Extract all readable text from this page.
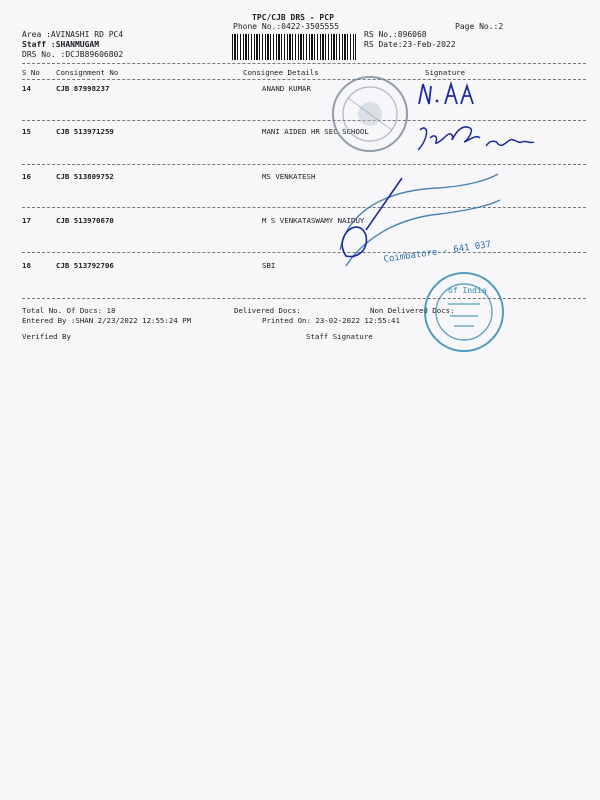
TPC/CJB DRS - PCP
Phone No.:0422-3505555	Page No.:2
Area :AVINASHI RD PC4
Staff :SHANMUGAM
DRS No. :DCJB89606802
RS No.:896068
RS Date:23-Feb-2022
S No Consignment No	Consignee Details	Signature
14	CJB 87998237	ANAND KUMAR
15	CJB 513971259	MANI AIDED HR SEC SCHOOL
16	CJB 513809752	MS VENKATESH
17	CJB 513970670	M S VENKATASWAMY NAIDUY
18	CJB 513792706	SBI
Total No. Of Docs: 18	Delivered Docs:	Non Delivered Docs:
Entered By :SHAN 2/23/2022 12:55:24 PM	Printed On: 23-02-2022 12:55:41
Verified By	Staff Signature
Coimbatore - 641 037
of India
